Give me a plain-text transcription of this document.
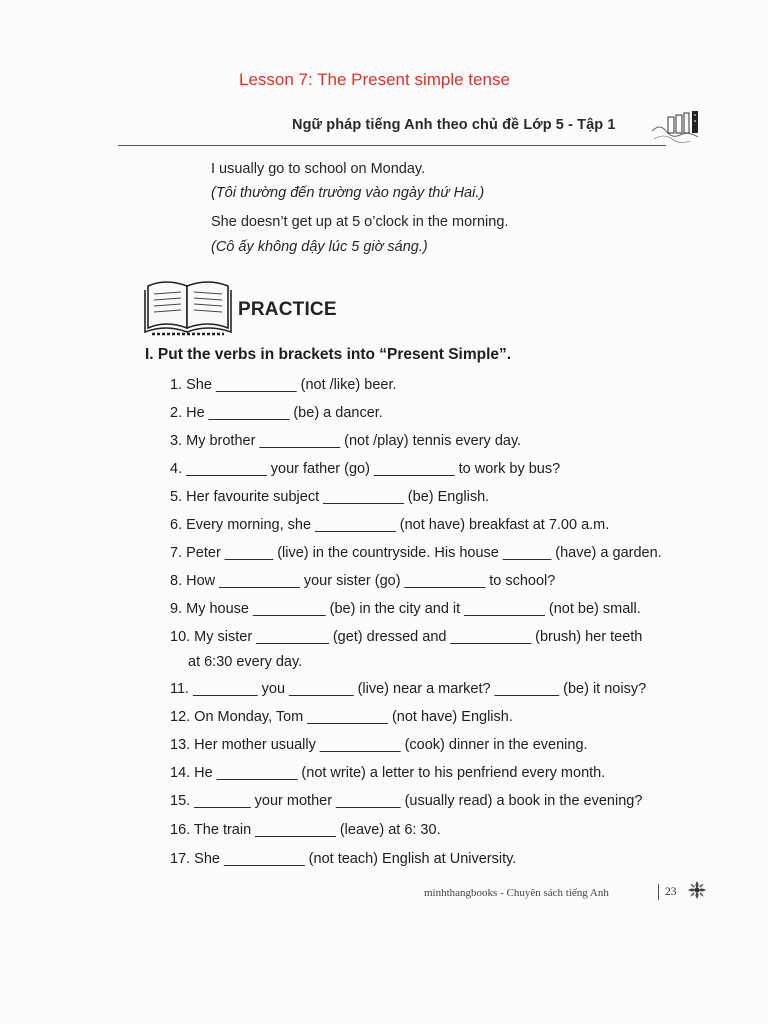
Lesson 7: The Present simple tense
Ngữ pháp tiếng Anh theo chủ đề Lớp 5 - Tập 1
I usually go to school on Monday.
(Tôi thường đến trường vào ngày thứ Hai.)
She doesn’t get up at 5 o’clock in the morning.
(Cô ấy không dậy lúc 5 giờ sáng.)
PRACTICE
I. Put the verbs in brackets into “Present Simple”.
1. She __________ (not /like) beer.
2. He __________ (be) a dancer.
3. My brother __________ (not /play) tennis every day.
4. __________ your father (go) __________ to work by bus?
5. Her favourite subject __________ (be) English.
6. Every morning, she __________ (not have) breakfast at 7.00 a.m.
7. Peter ______ (live) in the countryside. His house ______ (have) a garden.
8. How __________ your sister (go) __________ to school?
9. My house _________ (be) in the city and it __________ (not be) small.
10. My sister _________ (get) dressed and __________ (brush) her teeth
at 6:30 every day.
11. ________ you ________ (live) near a market? ________ (be) it noisy?
12. On Monday, Tom __________ (not have) English.
13. Her mother usually __________ (cook) dinner in the evening.
14. He __________ (not write) a letter to his penfriend every month.
15. _______ your mother ________ (usually read) a book in the evening?
16. The train __________ (leave) at 6: 30.
17. She __________ (not teach) English at University.
minhthangbooks - Chuyên sách tiếng Anh	23
